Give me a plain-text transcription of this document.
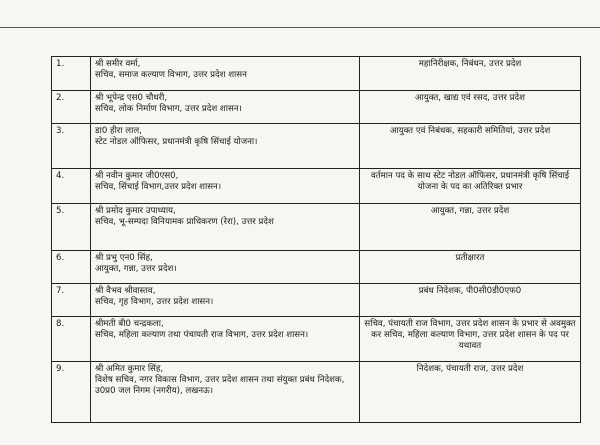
1.	श्री समीर वर्मा,
सचिव, समाज कल्याण विभाग, उत्तर प्रदेश शासन	महानिरीक्षक, निबंधन, उत्तर प्रदेश

2.	श्री भूपेन्द्र एस0 चौधरी,
सचिव, लोक निर्माण विभाग, उत्तर प्रदेश शासन।	आयुक्त, खाद्य एवं रसद, उत्तर प्रदेश

3.	डा0 हीरा लाल,
स्टेट नोडल ऑफिसर, प्रधानमंत्री कृषि सिंचाई योजना।	आयुक्त एवं निबंधक, सहकारी समितियां, उत्तर प्रदेश

4.	श्री नवीन कुमार जी0एस0,
सचिव, सिंचाई विभाग,उत्तर प्रदेश शासन।	वर्तमान पद के साथ स्टेट नोडल ऑफिसर, प्रधानमंत्री कृषि सिंचाई योजना के पद का अतिरिक्त प्रभार

5.	श्री प्रमोद कुमार उपाध्याय,
सचिव, भू-सम्पदा विनियामक प्राधिकरण (रेरा), उत्तर प्रदेश	आयुक्त, गन्ना, उत्तर प्रदेश

6.	श्री प्रभु एन0 सिंह,
आयुक्त, गन्ना, उत्तर प्रदेश।	प्रतीक्षारत

7.	श्री वैभव श्रीवास्तव,
सचिव, गृह विभाग, उत्तर प्रदेश शासन।	प्रबंध निदेशक, पी0सी0डी0एफ0

8.	श्रीमती बी0 चन्द्रकला,
सचिव, महिला कल्याण तथा पंचायती राज विभाग, उत्तर प्रदेश शासन।	सचिव, पंचायती राज विभाग, उत्तर प्रदेश शासन के प्रभार से अवमुक्त कर सचिव, महिला कल्याण विभाग, उत्तर प्रदेश शासन के पद पर यथावत

9.	श्री अमित कुमार सिंह,
विशेष सचिव, नगर विकास विभाग, उत्तर प्रदेश शासन तथा संयुक्त प्रबंध निदेशक, उ0प्र0 जल निगम (नगरीय), लखनऊ।	निदेशक, पंचायती राज, उत्तर प्रदेश
